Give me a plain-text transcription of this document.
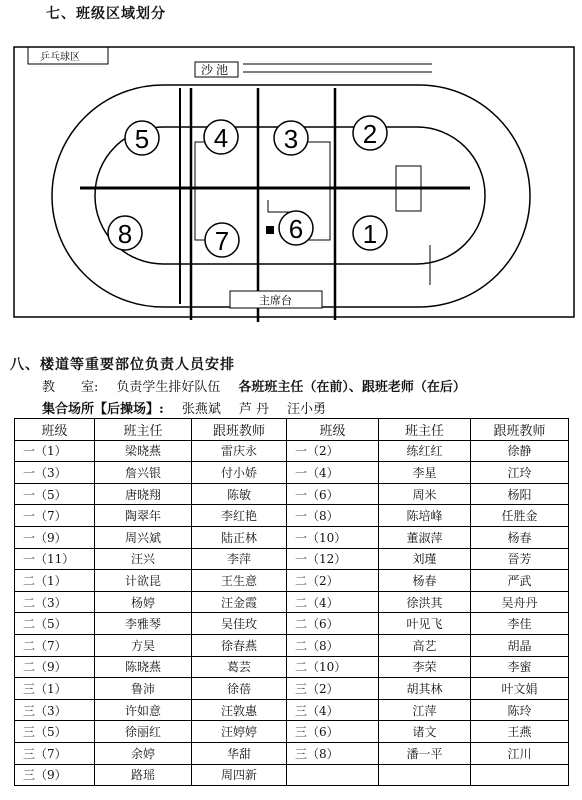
七、班级区域划分
乒乓球区
沙 池
5 4 3 2
8	7 6 1
主席台
八、楼道等重要部位负责人员安排
教　　室: 负责学生排好队伍 各班班主任（在前）、跟班老师（在后）
集合场所【后操场】: 张燕斌 芦 丹 汪小勇
班级	班主任	跟班教师	班级	班主任	跟班教师
一（1）	梁晓燕	雷庆永	一（2）	练红红	徐静
一（3）	詹兴银	付小娇	一（4）	李星	江玲
一（5）	唐晓翔	陈敏	一（6）	周米	杨阳
一（7）	陶翠年	李红艳	一（8）	陈培峰	任胜金
一（9）	周兴斌	陆正林	一（10）	董淑萍	杨春
一（11）	汪兴	李萍	一（12）	刘瑾	晉芳
二（1）	计欲昆	王生意	二（2）	杨春	严武
二（3）	杨婷	汪金霞	二（4）	徐洪其	吴舟丹
二（5）	李雅琴	吴佳玫	二（6）	叶见飞	李佳
二（7）	方昊	徐春燕	二（8）	高艺	胡晶
二（9）	陈晓燕	葛芸	二（10）	李荣	李蜜
三（1）	鲁沛	徐蓓	三（2）	胡其林	叶文娟
三（3）	许如意	汪敦惠	三（4）	江萍	陈玲
三（5）	徐丽红	汪婷婷	三（6）	诸文	王燕
三（7）	余婷	华甜	三（8）	潘一平	江川
三（9）	路瑶	周四新			
